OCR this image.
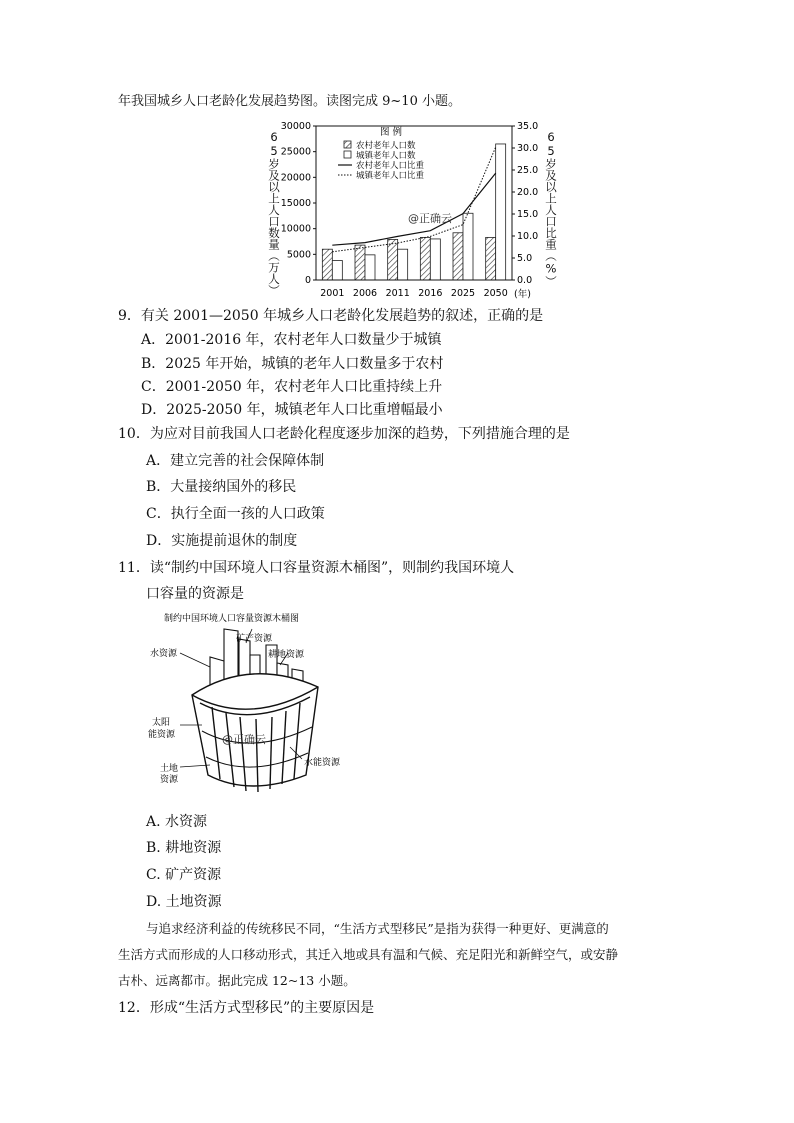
年我国城乡人口老龄化发展趋势图。读图完成 9~10 小题。
0
5000
10000
15000
20000
25000
30000
0.0
5.0
10.0
15.0
20.0
25.0
30.0
35.0
2001 2006 2011 2016 2025 2050
图 例
农村老年人口数
城镇老年人口数
农村老年人口比重
城镇老年人口比重
@正确云
(年)
65岁及以上人口数量（万人）	65岁及以上人口比重（%）
9．有关 2001—2050 年城乡人口老龄化发展趋势的叙述，正确的是
A．2001-2016 年，农村老年人口数量少于城镇
B．2025 年开始，城镇的老年人口数量多于农村
C．2001-2050 年，农村老年人口比重持续上升
D．2025-2050 年，城镇老年人口比重增幅最小
10．为应对目前我国人口老龄化程度逐步加深的趋势，下列措施合理的是
A．建立完善的社会保障体制
B．大量接纳国外的移民
C．执行全面一孩的人口政策
D．实施提前退休的制度
11．读“制约中国环境人口容量资源木桶图”，则制约我国环境人
口容量的资源是
制约中国环境人口容量资源木桶图
水资源
矿产资源
耕地资源
太阳
能资源
土地
资源
水能资源
@正确云
A. 水资源
B. 耕地资源
C. 矿产资源
D. 土地资源
与追求经济利益的传统移民不同，“生活方式型移民”是指为获得一种更好、更满意的
生活方式而形成的人口移动形式，其迁入地或具有温和气候、充足阳光和新鲜空气，或安静
古朴、远离都市。据此完成 12~13 小题。
12．形成“生活方式型移民”的主要原因是
